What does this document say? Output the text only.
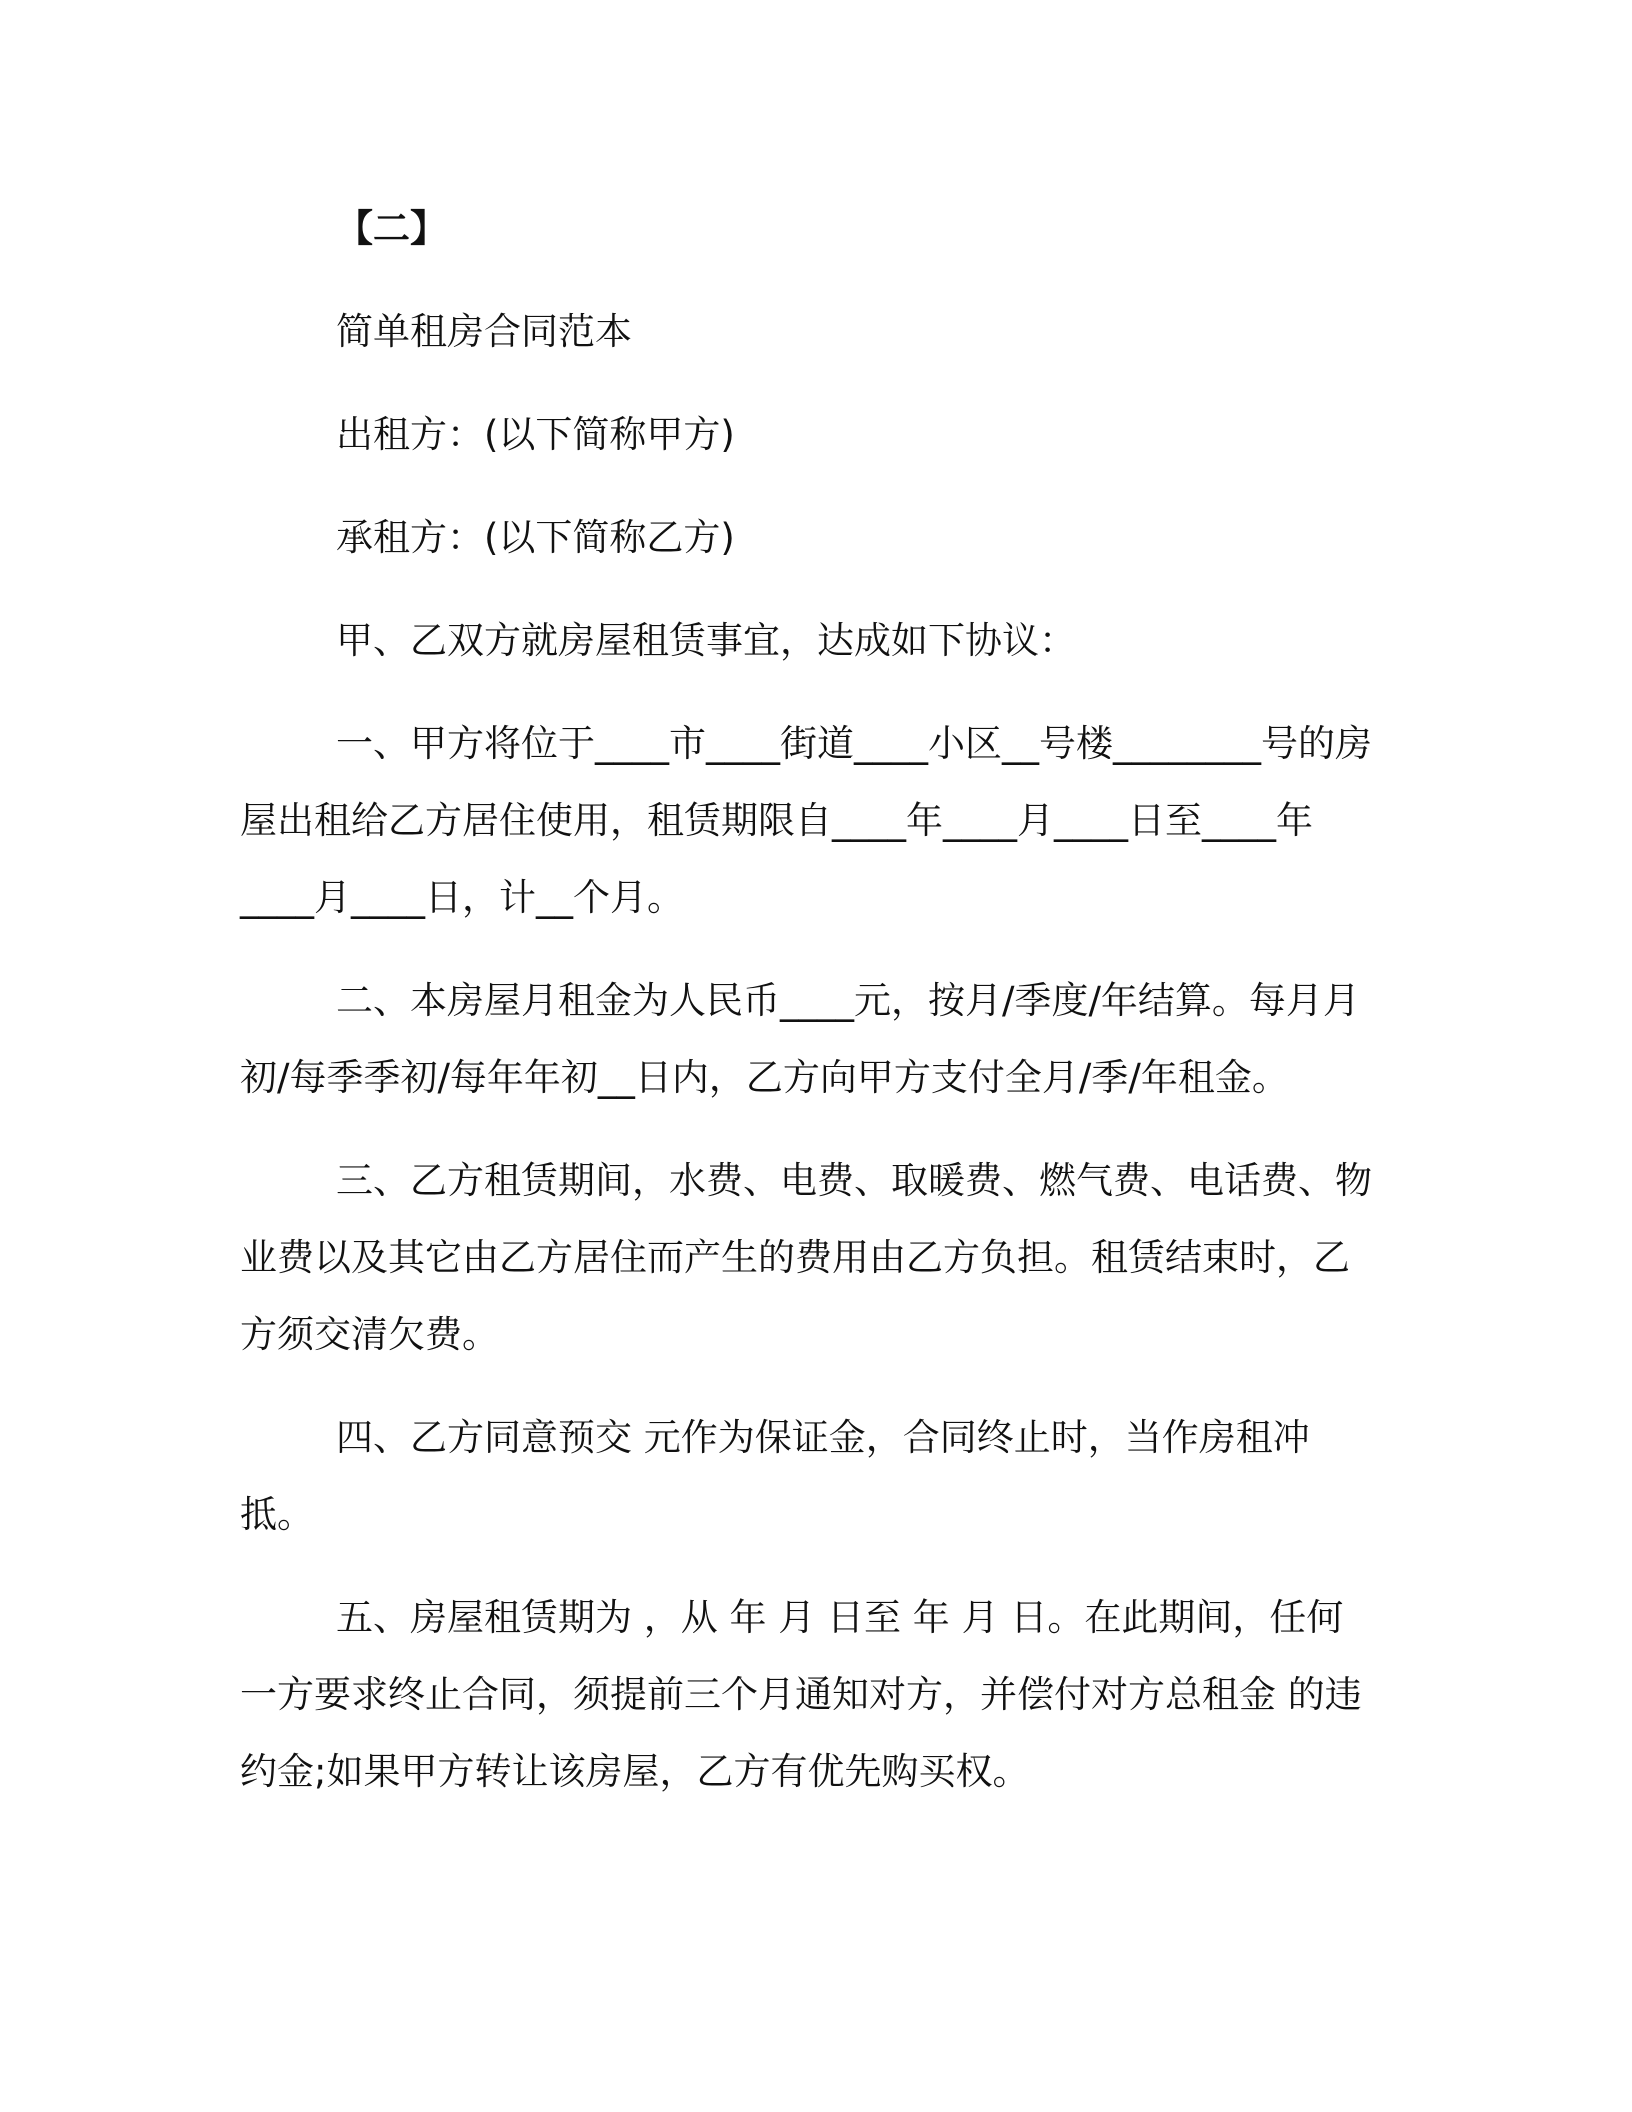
【二】

简单租房合同范本

出租方：(以下简称甲方)

承租方：(以下简称乙方)

甲、乙双方就房屋租赁事宜，达成如下协议：

一、甲方将位于____市____街道____小区__号楼________号的房屋出租给乙方居住使用，租赁期限自____年____月____日至____年____月____日，计__个月。

二、本房屋月租金为人民币____元，按月/季度/年结算。每月月初/每季季初/每年年初__日内，乙方向甲方支付全月/季/年租金。

三、乙方租赁期间，水费、电费、取暖费、燃气费、电话费、物业费以及其它由乙方居住而产生的费用由乙方负担。租赁结束时，乙方须交清欠费。

四、乙方同意预交 元作为保证金，合同终止时，当作房租冲抵。

五、房屋租赁期为 ，从 年 月 日至 年 月 日。在此期间，任何一方要求终止合同，须提前三个月通知对方，并偿付对方总租金 的违约金;如果甲方转让该房屋，乙方有优先购买权。
